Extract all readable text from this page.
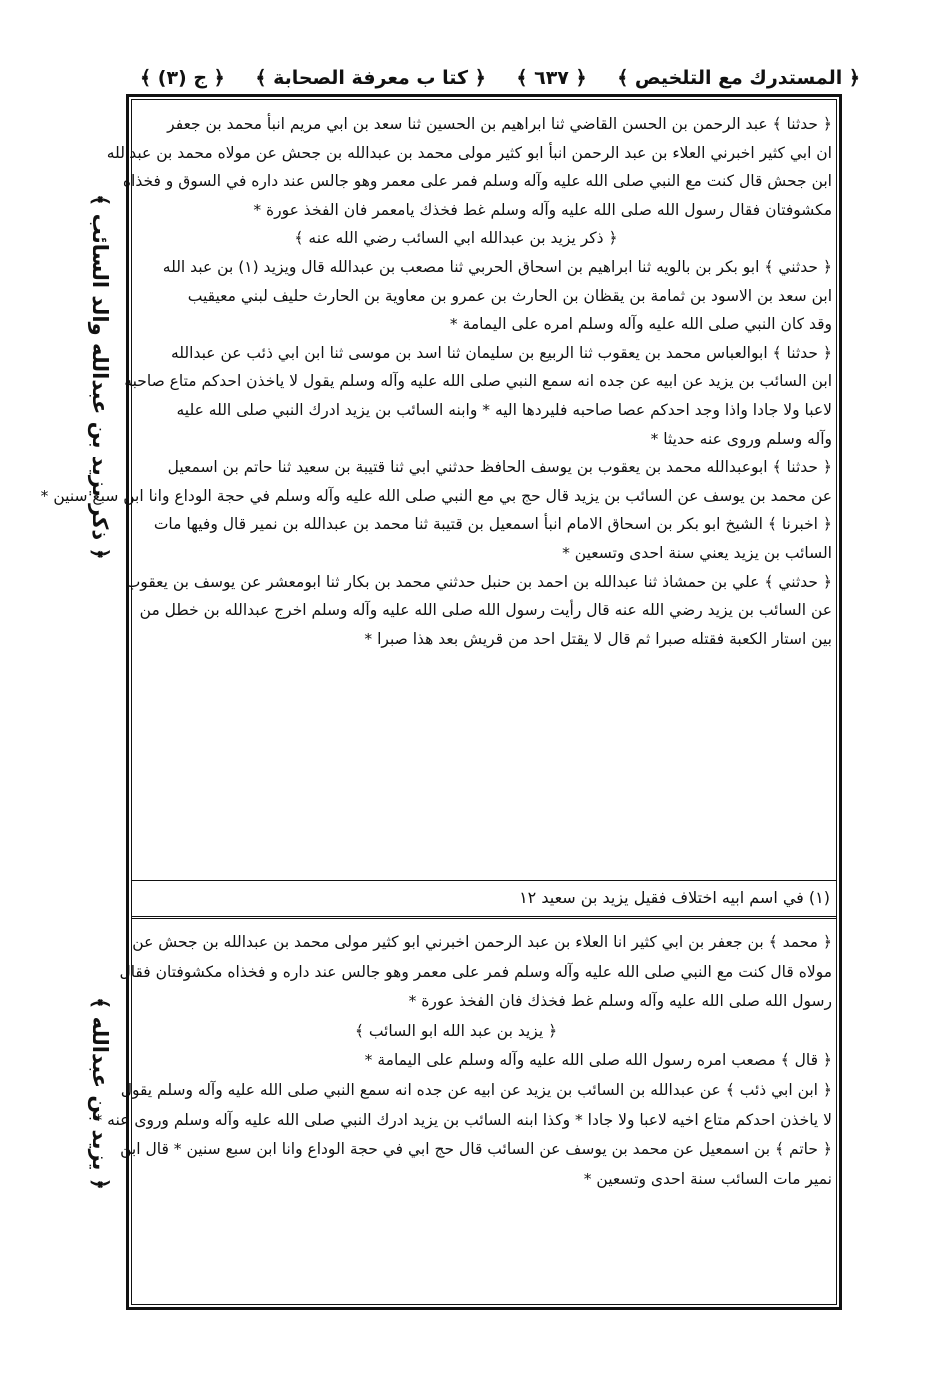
﴿ المستدرك مع التلخيص ﴾
﴿ ٦٣٧ ﴾
﴿ كتا ب معرفة الصحابة ﴾
﴿ ج (٣) ﴾
﴿ ذكر يزيد بن عبدالله والد السائب ﴾
﴿ يزيد بن عبدالله ﴾
﴿ حدثنا ﴾ عبد الرحمن بن الحسن القاضي ثنا ابراهيم بن الحسين ثنا سعد بن ابي مريم انبأ محمد بن جعفر
ان ابي كثير اخبرني العلاء بن عبد الرحمن انبأ ابو كثير مولى محمد بن عبدالله بن جحش عن مولاه محمد بن عبدالله
ابن جحش قال كنت مع النبي صلى الله عليه وآله وسلم فمر على معمر وهو جالس عند داره في السوق و فخذاه
مكشوفتان فقال رسول الله صلى الله عليه وآله وسلم غط فخذك يامعمر فان الفخذ عورة *
﴿ ذكر يزيد بن عبدالله ابي السائب رضي الله عنه ﴾
﴿ حدثني ﴾ ابو بكر بن بالويه ثنا ابراهيم بن اسحاق الحربي ثنا مصعب بن عبدالله قال ويزيد (١) بن عبد الله
ابن سعد بن الاسود بن ثمامة بن يقظان بن الحارث بن عمرو بن معاوية بن الحارث حليف لبني معيقيب
وقد كان النبي صلى الله عليه وآله وسلم امره على اليمامة *
﴿ حدثنا ﴾ ابوالعباس محمد بن يعقوب ثنا الربيع بن سليمان ثنا اسد بن موسى ثنا ابن ابي ذئب عن عبدالله
ابن السائب بن يزيد عن ابيه عن جده انه سمع النبي صلى الله عليه وآله وسلم يقول لا ياخذن احدكم متاع صاحبه
لاعبا ولا جادا واذا وجد احدكم عصا صاحبه فليردها اليه * وابنه السائب بن يزيد ادرك النبي صلى الله عليه
وآله وسلم وروى عنه حديثا *
﴿ حدثنا ﴾ ابوعبدالله محمد بن يعقوب بن يوسف الحافظ حدثني ابي ثنا قتيبة بن سعيد ثنا حاتم بن اسمعيل
عن محمد بن يوسف عن السائب بن يزيد قال حج بي مع النبي صلى الله عليه وآله وسلم في حجة الوداع وانا ابن سبع سنين *
﴿ اخبرنا ﴾ الشيخ ابو بكر بن اسحاق الامام انبأ اسمعيل بن قتيبة ثنا محمد بن عبدالله بن نمير قال وفيها مات
السائب بن يزيد يعني سنة احدى وتسعين *
﴿ حدثني ﴾ علي بن حمشاذ ثنا عبدالله بن احمد بن حنبل حدثني محمد بن بكار ثنا ابومعشر عن يوسف بن يعقوب
عن السائب بن يزيد رضي الله عنه قال رأيت رسول الله صلى الله عليه وآله وسلم اخرج عبدالله بن خطل من
بين استار الكعبة فقتله صبرا ثم قال لا يقتل احد من قريش بعد هذا صبرا *
(١) في اسم ابيه اختلاف فقيل يزيد بن سعيد ١٢
﴿ محمد ﴾ بن جعفر بن ابي كثير انا العلاء بن عبد الرحمن اخبرني ابو كثير مولى محمد بن عبدالله بن جحش عن
مولاه قال كنت مع النبي صلى الله عليه وآله وسلم فمر على معمر وهو جالس عند داره و فخذاه مكشوفتان فقال
رسول الله صلى الله عليه وآله وسلم غط فخذك فان الفخذ عورة *
﴿ يزيد بن عبد الله ابو السائب ﴾
﴿ قال ﴾ مصعب امره رسول الله صلى الله عليه وآله وسلم على اليمامة *
﴿ ابن ابي ذئب ﴾ عن عبدالله بن السائب بن يزيد عن ابيه عن جده انه سمع النبي صلى الله عليه وآله وسلم يقول
لا ياخذن احدكم متاع اخيه لاعبا ولا جادا * وكذا ابنه السائب بن يزيد ادرك النبي صلى الله عليه وآله وسلم وروى عنه *
﴿ حاتم ﴾ بن اسمعيل عن محمد بن يوسف عن السائب قال حج ابي في حجة الوداع وانا ابن سبع سنين * قال ابن
نمير مات السائب سنة احدى وتسعين *
